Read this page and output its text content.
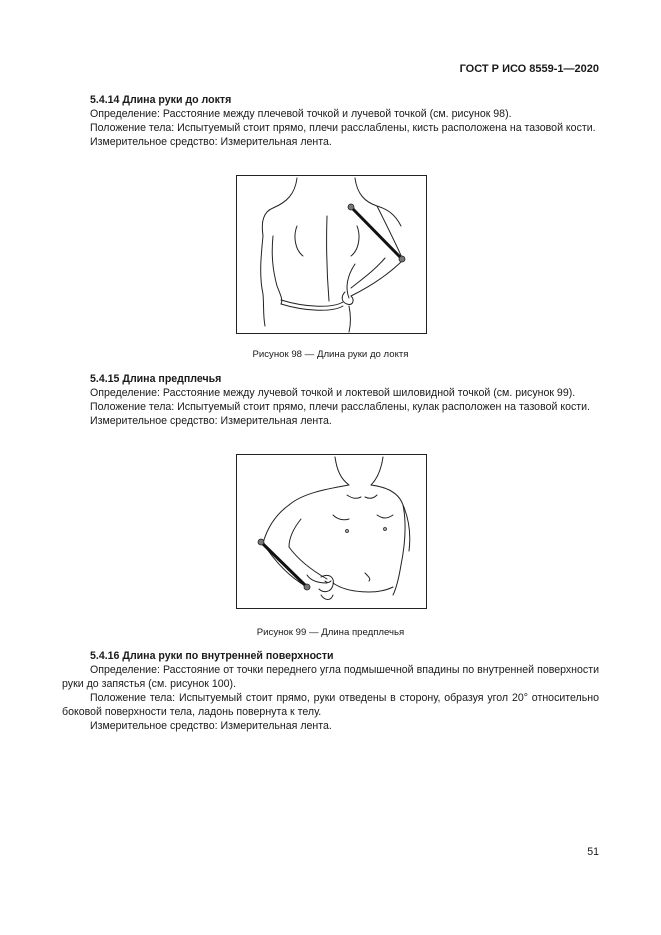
ГОСТ Р ИСО 8559-1—2020
5.4.14 Длина руки до локтя

Определение: Расстояние между плечевой точкой и лучевой точкой (см. рисунок 98).

Положение тела: Испытуемый стоит прямо, плечи расслаблены, кисть расположена на тазовой кости.

Измерительное средство: Измерительная лента.

Рисунок 98 — Длина руки до локтя
5.4.15 Длина предплечья

Определение: Расстояние между лучевой точкой и локтевой шиловидной точкой (см. рисунок 99).

Положение тела: Испытуемый стоит прямо, плечи расслаблены, кулак расположен на тазовой кости.

Измерительное средство: Измерительная лента.

Рисунок 99 — Длина предплечья
5.4.16 Длина руки по внутренней поверхности

Определение: Расстояние от точки переднего угла подмышечной впадины по внутренней поверхности руки до запястья (см. рисунок 100).

Положение тела: Испытуемый стоит прямо, руки отведены в сторону, образуя угол 20° относительно боковой поверхности тела, ладонь повернута к телу.

Измерительное средство: Измерительная лента.

51
